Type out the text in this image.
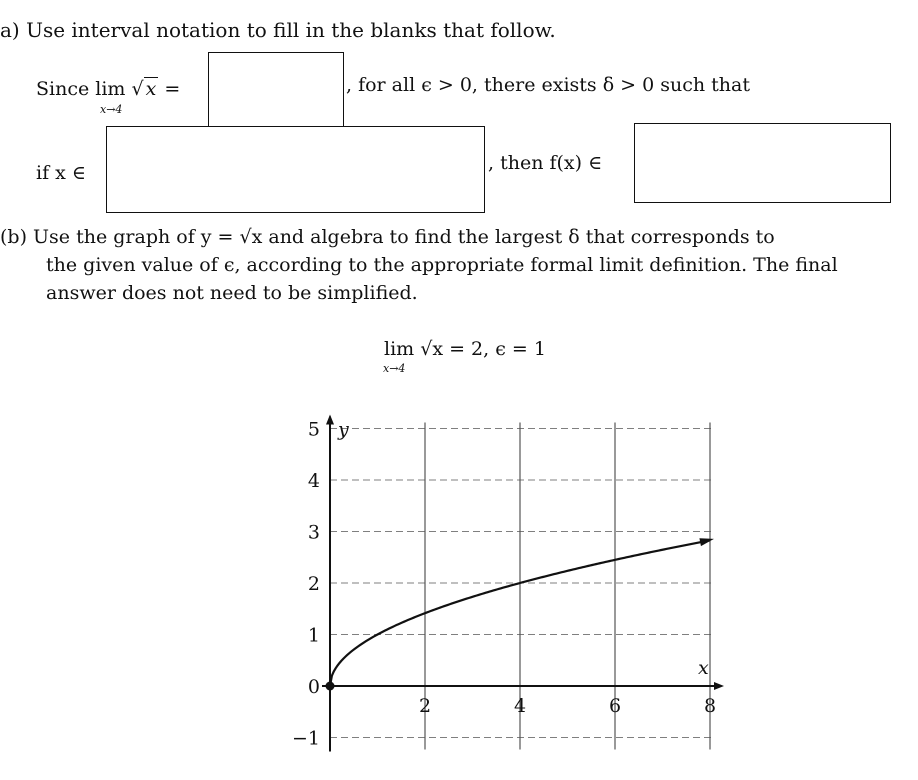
a) Use interval notation to fill in the blanks that follow.
Since lim √ x =
x→4
, for all ϵ > 0, there exists δ > 0 such that
if x ∈	, then f(x) ∈
(b) Use the graph of y = √x and algebra to find the largest δ that corresponds to
the given value of ϵ, according to the appropriate formal limit definition. The final
answer does not need to be simplified.
lim √x = 2, ϵ = 1
x→4
2	4	6	8
−1
0
1
2
3
4
5 y
x
